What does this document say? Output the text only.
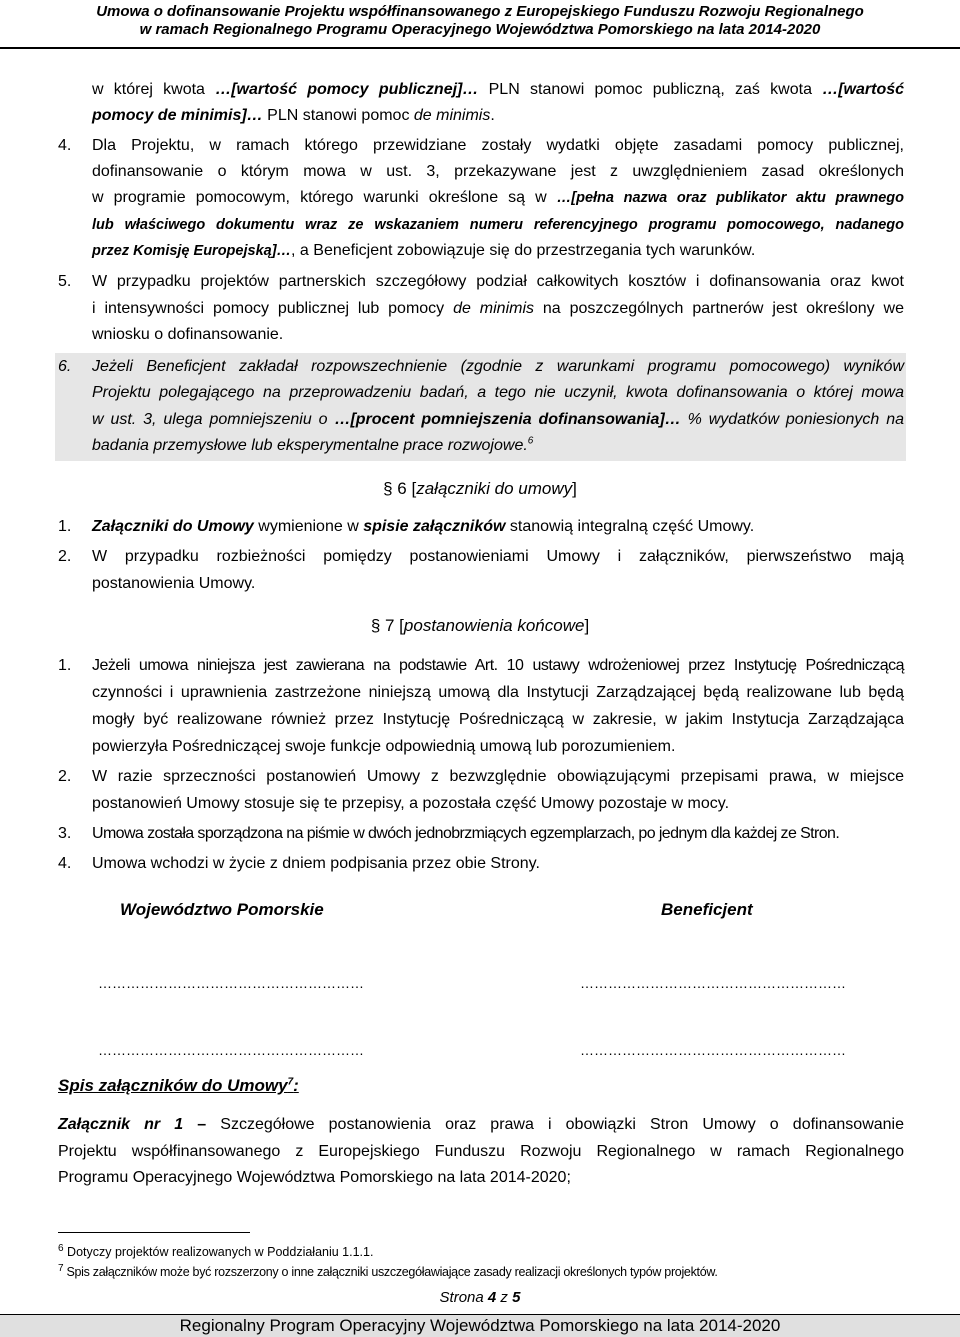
Umowa o dofinansowanie Projektu współfinansowanego z Europejskiego Funduszu Rozwoju Regionalnego
w ramach Regionalnego Programu Operacyjnego Województwa Pomorskiego na lata 2014-2020
w której kwota …[wartość pomocy publicznej]… PLN stanowi pomoc publiczną, zaś kwota …[wartość
pomocy de minimis]… PLN stanowi pomoc de minimis.
4. Dla Projektu, w ramach którego przewidziane zostały wydatki objęte zasadami pomocy publicznej,
dofinansowanie o którym mowa w ust. 3, przekazywane jest z uwzględnieniem zasad określonych
w programie pomocowym, którego warunki określone są w …[pełna nazwa oraz publikator aktu prawnego
lub właściwego dokumentu wraz ze wskazaniem numeru referencyjnego programu pomocowego, nadanego
przez Komisję Europejską]…, a Beneficjent zobowiązuje się do przestrzegania tych warunków.
5. W przypadku projektów partnerskich szczegółowy podział całkowitych kosztów i dofinansowania oraz kwot
i intensywności pomocy publicznej lub pomocy de minimis na poszczególnych partnerów jest określony we
wniosku o dofinansowanie.
6. Jeżeli Beneficjent zakładał rozpowszechnienie (zgodnie z warunkami programu pomocowego) wyników
Projektu polegającego na przeprowadzeniu badań, a tego nie uczynił, kwota dofinansowania o której mowa
w ust. 3, ulega pomniejszeniu o …[procent pomniejszenia dofinansowania]… % wydatków poniesionych na
badania przemysłowe lub eksperymentalne prace rozwojowe.$^6$
§ 6 [załączniki do umowy]
1. Załączniki do Umowy wymienione w spisie załączników stanowią integralną część Umowy.
2. W przypadku rozbieżności pomiędzy postanowieniami Umowy i załączników, pierwszeństwo mają
postanowienia Umowy.
§ 7 [postanowienia końcowe]
1. Jeżeli umowa niniejsza jest zawierana na podstawie Art. 10 ustawy wdrożeniowej przez Instytucję Pośredniczącą
czynności i uprawnienia zastrzeżone niniejszą umową dla Instytucji Zarządzającej będą realizowane lub będą
mogły być realizowane również przez Instytucję Pośredniczącą w zakresie, w jakim Instytucja Zarządzająca
powierzyła Pośredniczącej swoje funkcje odpowiednią umową lub porozumieniem.
2. W razie sprzeczności postanowień Umowy z bezwzględnie obowiązującymi przepisami prawa, w miejsce
postanowień Umowy stosuje się te przepisy, a pozostała część Umowy pozostaje w mocy.
3. Umowa została sporządzona na piśmie w dwóch jednobrzmiących egzemplarzach, po jednym dla każdej ze Stron.
4. Umowa wchodzi w życie z dniem podpisania przez obie Strony.
Województwo Pomorskie	Beneficjent
…………………………………………………	…………………………………………………
…………………………………………………	…………………………………………………
Spis załączników do Umowy$^7$:
Załącznik nr 1 – Szczegółowe postanowienia oraz prawa i obowiązki Stron Umowy o dofinansowanie
Projektu współfinansowanego z Europejskiego Funduszu Rozwoju Regionalnego w ramach Regionalnego
Programu Operacyjnego Województwa Pomorskiego na lata 2014-2020;
$^6$ Dotyczy projektów realizowanych w Poddziałaniu 1.1.1.
$^7$ Spis załączników może być rozszerzony o inne załączniki uszczegóławiające zasady realizacji określonych typów projektów.
Strona 4 z 5
Regionalny Program Operacyjny Województwa Pomorskiego na lata 2014-2020
